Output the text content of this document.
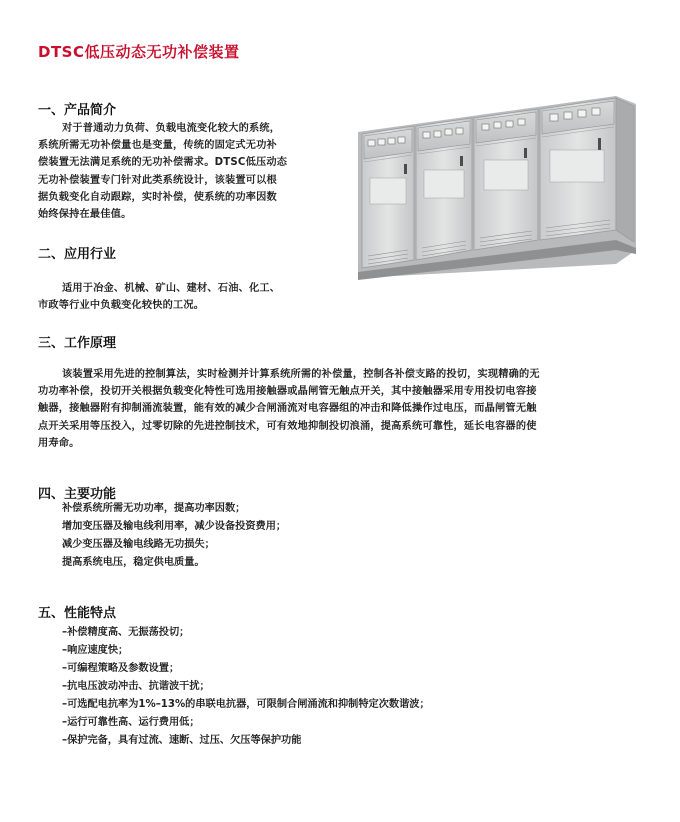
DTSC低压动态无功补偿装置
一、产品简介
对于普通动力负荷、负载电流变化较大的系统，
系统所需无功补偿量也是变量，传统的固定式无功补
偿装置无法满足系统的无功补偿需求。DTSC低压动态
无功补偿装置专门针对此类系统设计，该装置可以根
据负载变化自动跟踪，实时补偿，使系统的功率因数
始终保持在最佳值。
二、应用行业
适用于冶金、机械、矿山、建材、石油、化工、
市政等行业中负载变化较快的工况。
三、工作原理
该装置采用先进的控制算法，实时检测并计算系统所需的补偿量，控制各补偿支路的投切，实现精确的无
功功率补偿，投切开关根据负载变化特性可选用接触器或晶闸管无触点开关，其中接触器采用专用投切电容接
触器，接触器附有抑制涌流装置，能有效的减少合闸涌流对电容器组的冲击和降低操作过电压，而晶闸管无触
点开关采用等压投入，过零切除的先进控制技术，可有效地抑制投切浪涌，提高系统可靠性，延长电容器的使
用寿命。
四、主要功能
补偿系统所需无功功率，提高功率因数；
增加变压器及输电线利用率，减少设备投资费用；
减少变压器及输电线路无功损失；
提高系统电压，稳定供电质量。
五、性能特点
–补偿精度高、无振荡投切；
–响应速度快；
–可编程策略及参数设置；
–抗电压波动冲击、抗谐波干扰；
–可选配电抗率为1%–13%的串联电抗器，可限制合闸涌流和抑制特定次数谐波；
–运行可靠性高、运行费用低；
–保护完备，具有过流、速断、过压、欠压等保护功能
